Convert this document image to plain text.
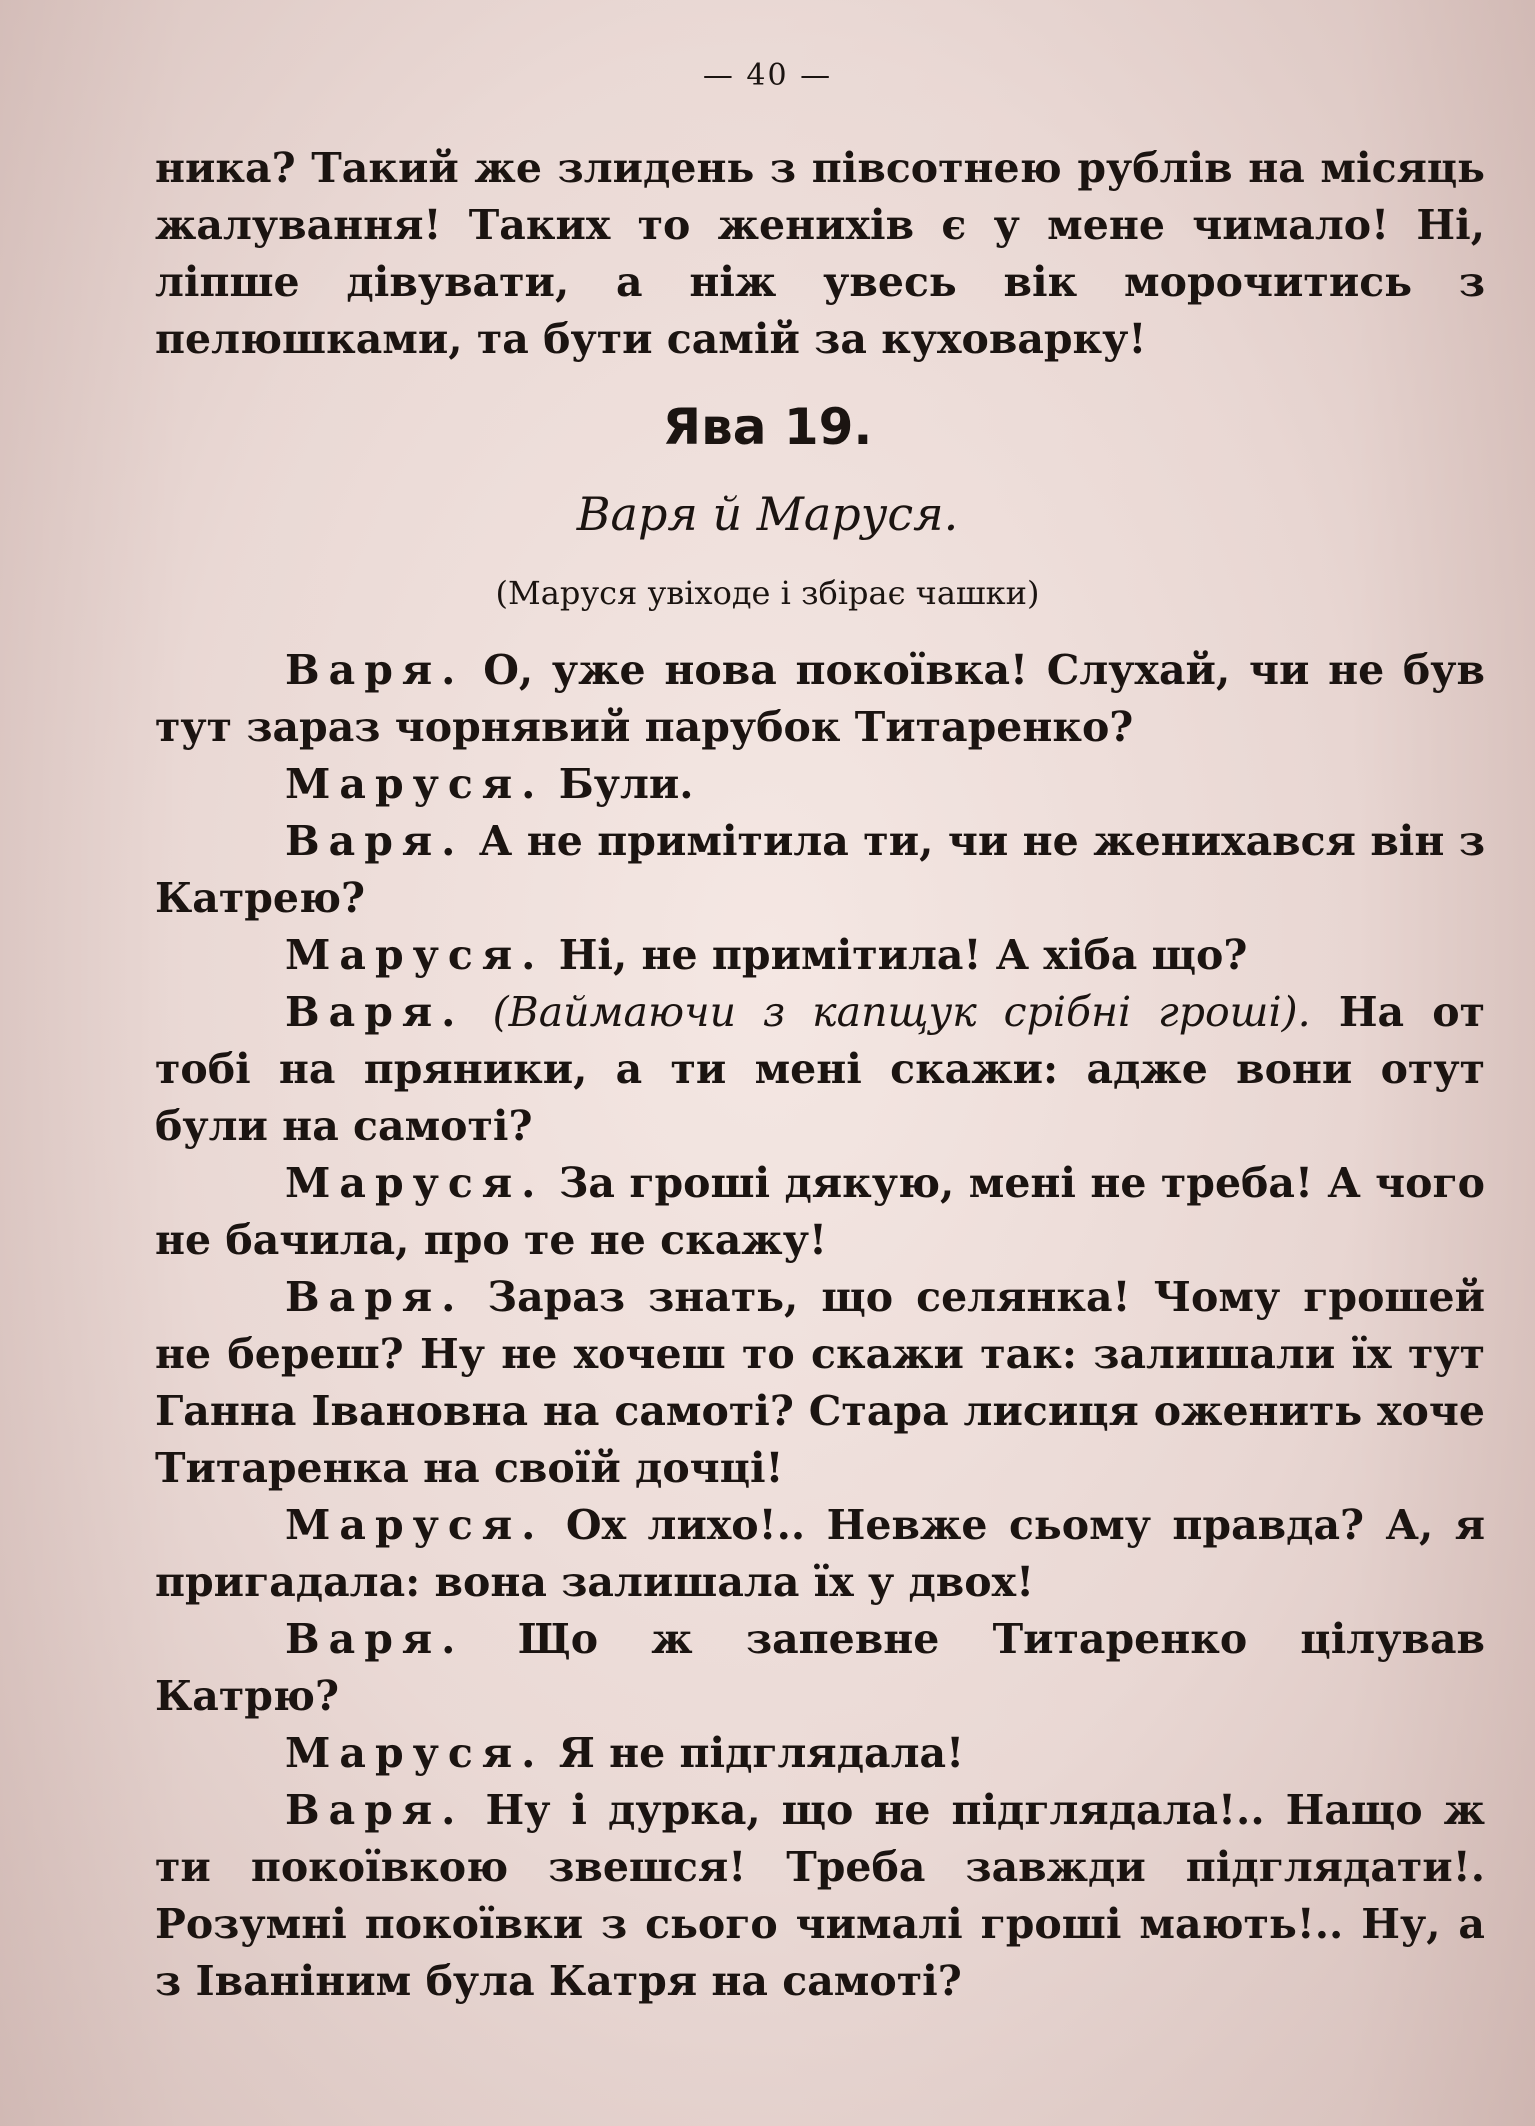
— 40 —
ника? Такий же злидень з півсотнею рублів на місяць жалування! Таких то женихів є у мене чимало! Ні, ліпше дівувати, а ніж увесь вік морочитись з пелюшками, та бути самій за куховарку!
Ява 19.
Варя й Маруся.
(Маруся увіходе і збірає чашки)

Варя. О, уже нова покоївка! Слухай, чи не був тут зараз чорнявий парубок Титаренко?

Маруся. Були.

Варя. А не примітила ти, чи не женихався він з Катрею?

Маруся. Ні, не примітила! А хіба що?

Варя. (Ваймаючи з капщук срібні гроші). На от тобі на пряники, а ти мені скажи: адже вони отут були на самоті?

Маруся. За гроші дякую, мені не треба! А чого не бачила, про те не скажу!

Варя. Зараз знать, що селянка! Чому грошей не береш? Ну не хочеш то скажи так: залишали їх тут Ганна Івановна на самоті? Стара лисиця оженить хоче Титаренка на своїй дочці!

Маруся. Ох лихо!.. Невже сьому правда? А, я пригадала: вона залишала їх у двох!

Варя. Що ж запевне Титаренко цілував Катрю?

Маруся. Я не підглядала!

Варя. Ну і дурка, що не підглядала!.. Нащо ж ти покоївкою звешся! Треба завжди підглядати!. Розумні покоївки з сього чималі гроші мають!.. Ну, а з Іваніним була Катря на самоті?
